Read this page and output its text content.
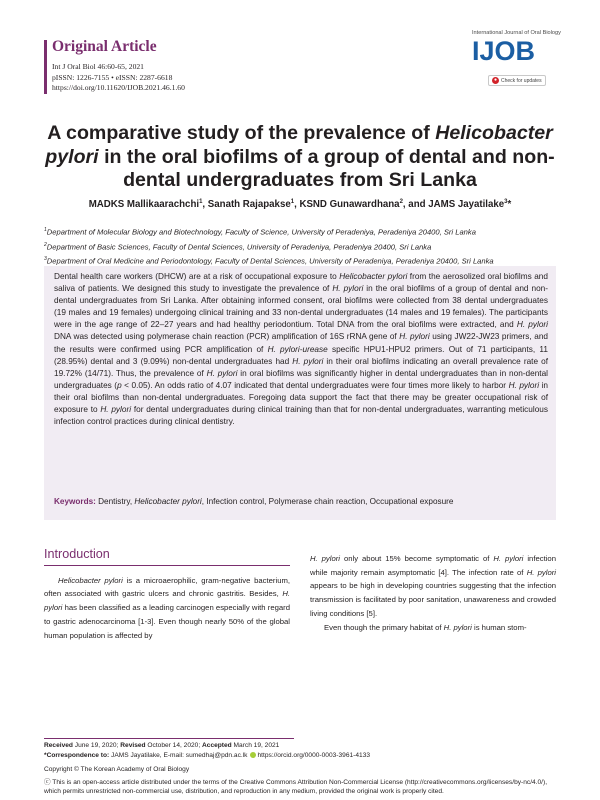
Original Article
Int J Oral Biol 46:60-65, 2021
pISSN: 1226-7155 • eISSN: 2287-6618
https://doi.org/10.11620/IJOB.2021.46.1.60
International Journal of Oral Biology
IJOB
● Check for updates
A comparative study of the prevalence of Helicobacter pylori in the oral biofilms of a group of dental and non-dental undergraduates from Sri Lanka
MADKS Mallikaarachchi$^1$, Sanath Rajapakse$^1$, KSND Gunawardhana$^2$, and JAMS Jayatilake$^3$*
$^1$Department of Molecular Biology and Biotechnology, Faculty of Science, University of Peradeniya, Peradeniya 20400, Sri Lanka
$^2$Department of Basic Sciences, Faculty of Dental Sciences, University of Peradeniya, Peradeniya 20400, Sri Lanka
$^3$Department of Oral Medicine and Periodontology, Faculty of Dental Sciences, University of Peradeniya, Peradeniya 20400, Sri Lanka
Dental health care workers (DHCW) are at a risk of occupational exposure to Helicobacter pylori from the aerosolized oral biofilms and saliva of patients. We designed this study to investigate the prevalence of H. pylori in the oral biofilms of a group of dental and non-dental undergraduates from Sri Lanka. After obtaining informed consent, oral biofilms were collected from 38 dental undergraduates (19 males and 19 females) undergoing clinical training and 33 non-dental undergraduates (14 males and 19 females). The participants were in the age range of 22–27 years and had healthy periodontium. Total DNA from the oral biofilms were extracted, and H. pylori DNA was detected using polymerase chain reaction (PCR) amplification of 16S rRNA gene of H. pylori using JW22-JW23 primers, and the results were confirmed using PCR amplification of H. pylori-urease specific HPU1-HPU2 primers. Out of 71 participants, 11 (28.95%) dental and 3 (9.09%) non-dental undergraduates had H. pylori in their oral biofilms indicating an overall prevalence rate of 19.72% (14/71). Thus, the prevalence of H. pylori in oral biofilms was significantly higher in dental undergraduates than in non-dental undergraduates (p < 0.05). An odds ratio of 4.07 indicated that dental undergraduates were four times more likely to harbor H. pylori in their oral biofilms than non-dental undergraduates. Foregoing data support the fact that there may be greater occupational risk of exposure to H. pylori for dental undergraduates during clinical training than that for non-dental undergraduates, warranting meticulous infection control practices during clinical dentistry.
Keywords: Dentistry, Helicobacter pylori, Infection control, Polymerase chain reaction, Occupational exposure
Introduction

Helicobacter pylori is a microaerophilic, gram-negative bacterium, often associated with gastric ulcers and chronic gastritis. Besides, H. pylori has been classified as a leading carcinogen especially with regard to gastric adenocarcinoma [1-3]. Even though nearly 50% of the global human population is affected by

H. pylori only about 15% become symptomatic of H. pylori infection while majority remain asymptomatic [4]. The infection rate of H. pylori appears to be high in developing countries suggesting that the infection transmission is facilitated by poor sanitation, unawareness and crowded living conditions [5].

Even though the primary habitat of H. pylori is human stom-

Received June 19, 2020; Revised October 14, 2020; Accepted March 19, 2021
*Correspondence to: JAMS Jayatilake, E-mail: sumedhaj@pdn.ac.lk https://orcid.org/0000-0003-3961-4133
Copyright © The Korean Academy of Oral Biology
ⓒ This is an open-access article distributed under the terms of the Creative Commons Attribution Non-Commercial License (http://creativecommons.org/licenses/by-nc/4.0/), which permits unrestricted non-commercial use, distribution, and reproduction in any medium, provided the original work is properly cited.
